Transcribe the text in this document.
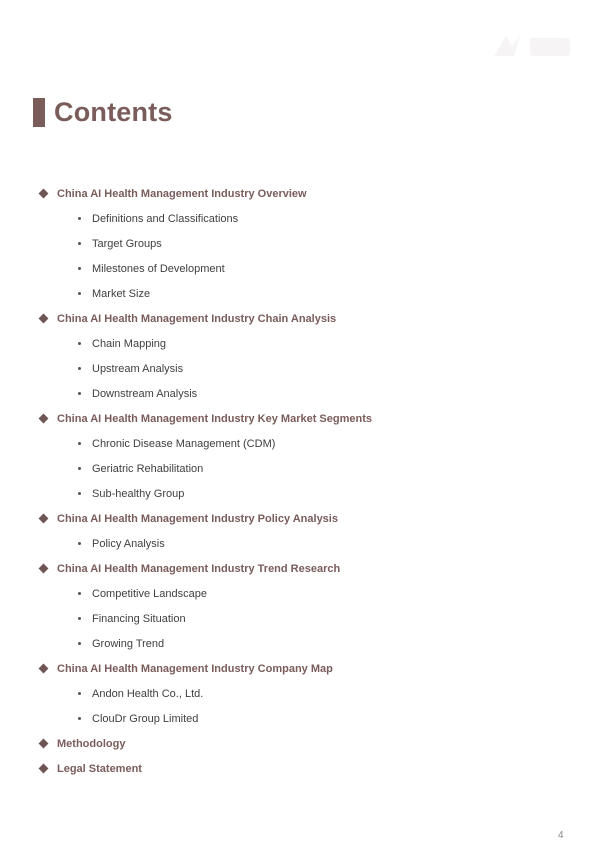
Contents
China AI Health Management Industry Overview
Definitions and Classifications
Target Groups
Milestones of Development
Market Size
China AI Health Management Industry Chain Analysis
Chain Mapping
Upstream Analysis
Downstream Analysis
China AI Health Management Industry Key Market Segments
Chronic Disease Management (CDM)
Geriatric Rehabilitation
Sub-healthy Group
China AI Health Management Industry Policy Analysis
Policy Analysis
China AI Health Management Industry Trend Research
Competitive Landscape
Financing Situation
Growing Trend
China AI Health Management Industry Company Map
Andon Health Co., Ltd.
ClouDr Group Limited
Methodology
Legal Statement
4
